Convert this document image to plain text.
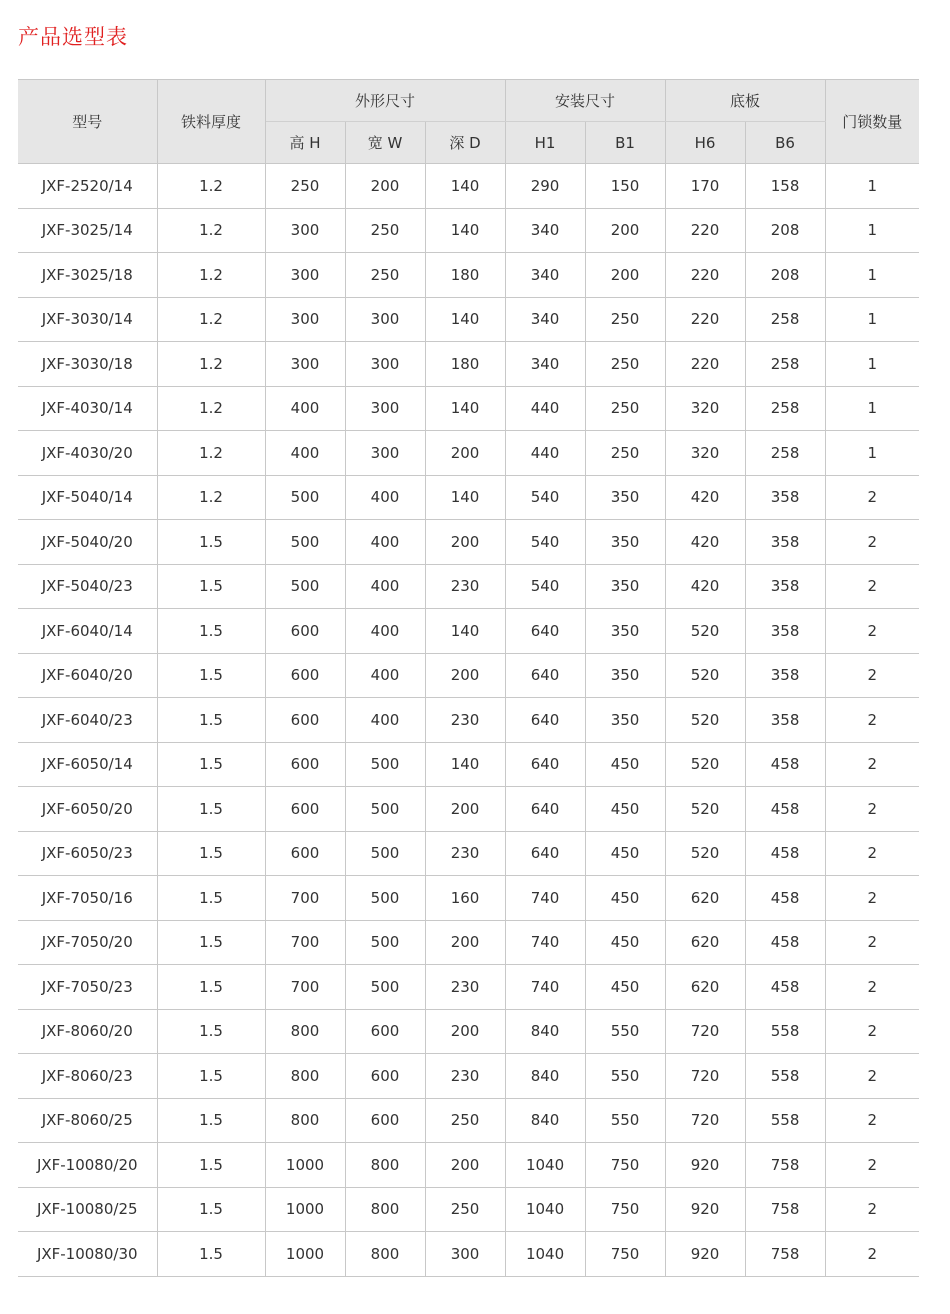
产品选型表
型号	铁料厚度	外形尺寸			安装尺寸		底板		门锁数量
		高 H	宽 W	深 D	H1	B1	H6	B6	
JXF-2520/14	1.2	250	200	140	290	150	170	158	1
JXF-3025/14	1.2	300	250	140	340	200	220	208	1
JXF-3025/18	1.2	300	250	180	340	200	220	208	1
JXF-3030/14	1.2	300	300	140	340	250	220	258	1
JXF-3030/18	1.2	300	300	180	340	250	220	258	1
JXF-4030/14	1.2	400	300	140	440	250	320	258	1
JXF-4030/20	1.2	400	300	200	440	250	320	258	1
JXF-5040/14	1.2	500	400	140	540	350	420	358	2
JXF-5040/20	1.5	500	400	200	540	350	420	358	2
JXF-5040/23	1.5	500	400	230	540	350	420	358	2
JXF-6040/14	1.5	600	400	140	640	350	520	358	2
JXF-6040/20	1.5	600	400	200	640	350	520	358	2
JXF-6040/23	1.5	600	400	230	640	350	520	358	2
JXF-6050/14	1.5	600	500	140	640	450	520	458	2
JXF-6050/20	1.5	600	500	200	640	450	520	458	2
JXF-6050/23	1.5	600	500	230	640	450	520	458	2
JXF-7050/16	1.5	700	500	160	740	450	620	458	2
JXF-7050/20	1.5	700	500	200	740	450	620	458	2
JXF-7050/23	1.5	700	500	230	740	450	620	458	2
JXF-8060/20	1.5	800	600	200	840	550	720	558	2
JXF-8060/23	1.5	800	600	230	840	550	720	558	2
JXF-8060/25	1.5	800	600	250	840	550	720	558	2
JXF-10080/20	1.5	1000	800	200	1040	750	920	758	2
JXF-10080/25	1.5	1000	800	250	1040	750	920	758	2
JXF-10080/30	1.5	1000	800	300	1040	750	920	758	2
